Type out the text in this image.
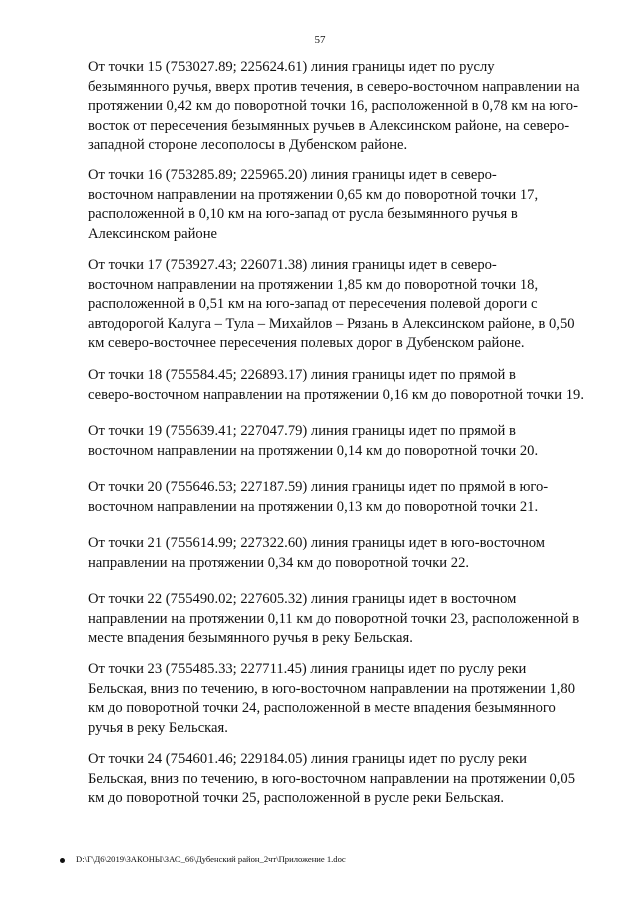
57

От точки 15 (753027.89; 225624.61) линия границы идет по руслу
безымянного ручья, вверх против течения, в северо-восточном направлении на
протяжении 0,42 км до поворотной точки 16, расположенной в 0,78 км на юго-
восток от пересечения безымянных ручьев в Алексинском районе, на северо-
западной стороне лесополосы в Дубенском районе.

От точки 16 (753285.89; 225965.20) линия границы идет в северо-
восточном направлении на протяжении 0,65 км до поворотной точки 17,
расположенной в 0,10 км на юго-запад от русла безымянного ручья в
Алексинском районе

От точки 17 (753927.43; 226071.38) линия границы идет в северо-
восточном направлении на протяжении 1,85 км до поворотной точки 18,
расположенной в 0,51 км на юго-запад от пересечения полевой дороги с
автодорогой Калуга – Тула – Михайлов – Рязань в Алексинском районе, в 0,50
км северо-восточнее пересечения полевых дорог в Дубенском районе.

От точки 18 (755584.45; 226893.17) линия границы идет по прямой в
северо-восточном направлении на протяжении 0,16 км до поворотной точки 19.

От точки 19 (755639.41; 227047.79) линия границы идет по прямой в
восточном направлении на протяжении 0,14 км до поворотной точки 20.

От точки 20 (755646.53; 227187.59) линия границы идет по прямой в юго-
восточном направлении на протяжении 0,13 км до поворотной точки 21.

От точки 21 (755614.99; 227322.60) линия границы идет в юго-восточном
направлении на протяжении 0,34 км до поворотной точки 22.

От точки 22 (755490.02; 227605.32) линия границы идет в восточном
направлении на протяжении 0,11 км до поворотной точки 23, расположенной в
месте впадения безымянного ручья в реку Бельская.

От точки 23 (755485.33; 227711.45) линия границы идет по руслу реки
Бельская, вниз по течению, в юго-восточном направлении на протяжении 1,80
км до поворотной точки 24, расположенной в месте впадения безымянного
ручья в реку Бельская.

От точки 24 (754601.46; 229184.05) линия границы идет по руслу реки
Бельская, вниз по течению, в юго-восточном направлении на протяжении 0,05
км до поворотной точки 25, расположенной в русле реки Бельская.

D:\Г\Д6\2019\ЗАКОНЫ\ЗАС_66\Дубенский район_2чт\Приложение 1.doc
